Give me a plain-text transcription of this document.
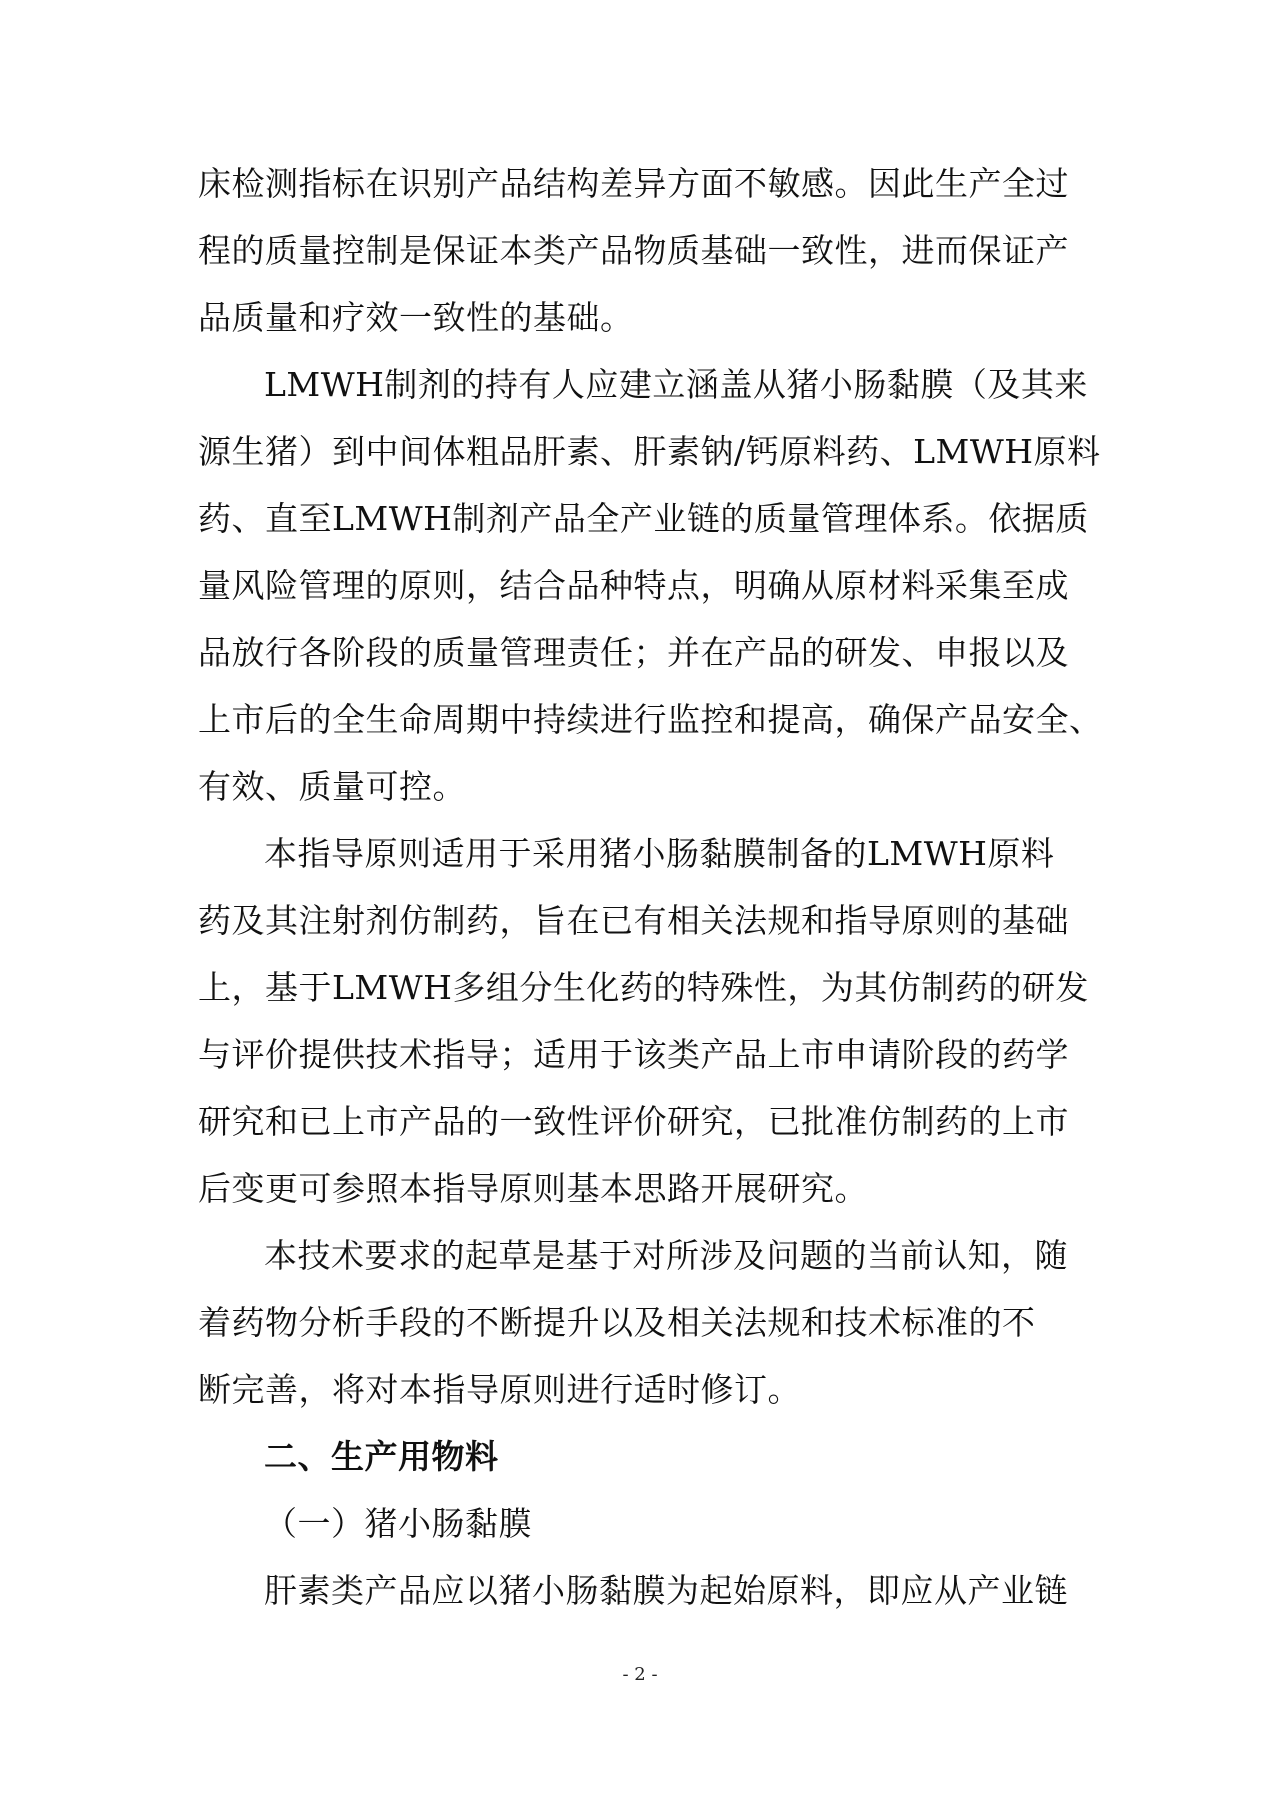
床检测指标在识别产品结构差异方面不敏感。因此生产全过
程的质量控制是保证本类产品物质基础一致性，进而保证产
品质量和疗效一致性的基础。
LMWH制剂的持有人应建立涵盖从猪小肠黏膜（及其来
源生猪）到中间体粗品肝素、肝素钠/钙原料药、LMWH原料
药、直至LMWH制剂产品全产业链的质量管理体系。依据质
量风险管理的原则，结合品种特点，明确从原材料采集至成
品放行各阶段的质量管理责任；并在产品的研发、申报以及
上市后的全生命周期中持续进行监控和提高，确保产品安全、
有效、质量可控。
本指导原则适用于采用猪小肠黏膜制备的LMWH原料
药及其注射剂仿制药，旨在已有相关法规和指导原则的基础
上，基于LMWH多组分生化药的特殊性，为其仿制药的研发
与评价提供技术指导；适用于该类产品上市申请阶段的药学
研究和已上市产品的一致性评价研究，已批准仿制药的上市
后变更可参照本指导原则基本思路开展研究。
本技术要求的起草是基于对所涉及问题的当前认知，随
着药物分析手段的不断提升以及相关法规和技术标准的不
断完善，将对本指导原则进行适时修订。
二、生产用物料
（一）猪小肠黏膜
肝素类产品应以猪小肠黏膜为起始原料，即应从产业链
- 2 -
